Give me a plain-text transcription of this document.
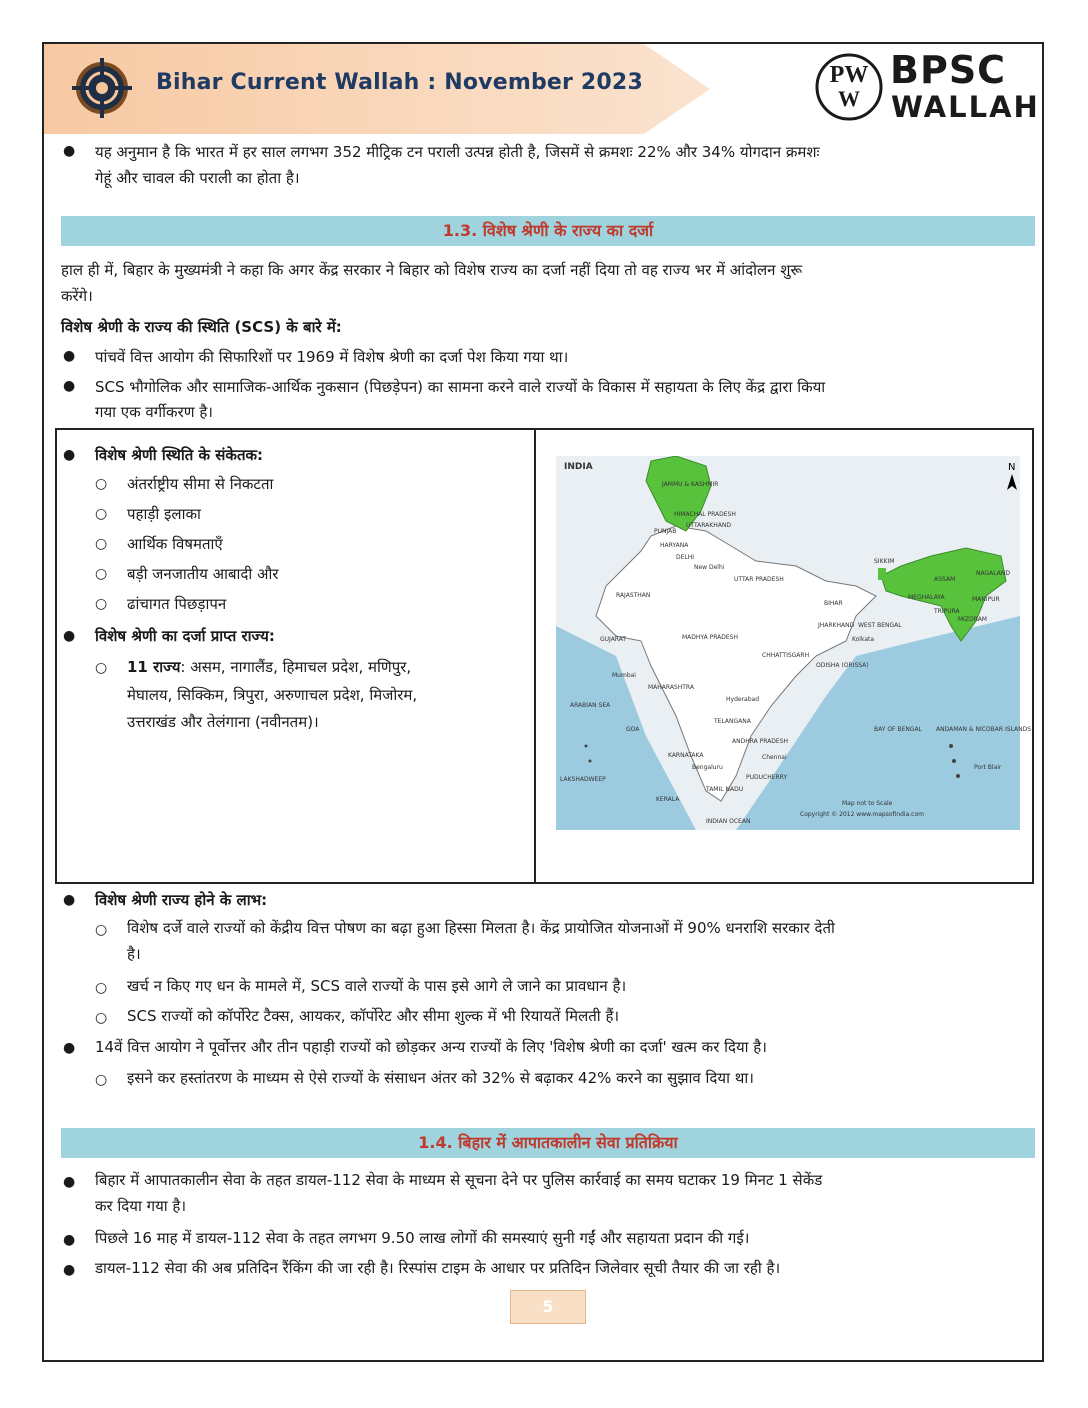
Bihar Current Wallah : November 2023	PW
W
BPSC
WALLAH
● यह अनुमान है कि भारत में हर साल लगभग 352 मीट्रिक टन पराली उत्पन्न होती है, जिसमें से क्रमशः 22% और 34% योगदान क्रमशः
गेहूं और चावल की पराली का होता है।
1.3. विशेष श्रेणी के राज्य का दर्जा
हाल ही में, बिहार के मुख्यमंत्री ने कहा कि अगर केंद्र सरकार ने बिहार को विशेष राज्य का दर्जा नहीं दिया तो वह राज्य भर में आंदोलन शुरू
करेंगे।
विशेष श्रेणी के राज्य की स्थिति (SCS) के बारे में:
● पांचवें वित्त आयोग की सिफारिशों पर 1969 में विशेष श्रेणी का दर्जा पेश किया गया था।
● SCS भौगोलिक और सामाजिक-आर्थिक नुकसान (पिछड़ेपन) का सामना करने वाले राज्यों के विकास में सहायता के लिए केंद्र द्वारा किया
गया एक वर्गीकरण है।
● विशेष श्रेणी स्थिति के संकेतक:
○ अंतर्राष्ट्रीय सीमा से निकटता
○ पहाड़ी इलाका
○ आर्थिक विषमताएँ
○ बड़ी जनजातीय आबादी और
○ ढांचागत पिछड़ापन
● विशेष श्रेणी का दर्जा प्राप्त राज्य:
○ 11 राज्य: असम, नागालैंड, हिमाचल प्रदेश, मणिपुर,
मेघालय, सिक्किम, त्रिपुरा, अरुणाचल प्रदेश, मिजोरम,
उत्तराखंड और तेलंगाना (नवीनतम)।
N
INDIA
JAMMU & KASHMIR
HIMACHAL PRADESH
UTTARAKHAND
PUNJAB
HARYANA
DELHI
New Delhi
RAJASTHAN
UTTAR PRADESH
BIHAR
SIKKIM
ASSAM
NAGALAND
MANIPUR
MIZORAM
TRIPURA
MEGHALAYA
WEST BENGAL
JHARKHAND
GUJARAT	MADHYA PRADESH
CHHATTISGARH
ODISHA (ORISSA)
MAHARASHTRA
TELANGANA
ANDHRA PRADESH
KARNATAKA
GOA
KERALA
TAMIL NADU
PUDUCHERRY
Chennai
Hyderabad
Mumbai
Bengaluru
Kolkata
ARABIAN SEA
BAY OF BENGAL
INDIAN OCEAN
LAKSHADWEEP
ANDAMAN & NICOBAR ISLANDS
Port Blair
Copyright © 2012 www.mapsofindia.com
Map not to Scale
● विशेष श्रेणी राज्य होने के लाभ:
○ विशेष दर्जे वाले राज्यों को केंद्रीय वित्त पोषण का बढ़ा हुआ हिस्सा मिलता है। केंद्र प्रायोजित योजनाओं में 90% धनराशि सरकार देती
है।
○ खर्च न किए गए धन के मामले में, SCS वाले राज्यों के पास इसे आगे ले जाने का प्रावधान है।
○ SCS राज्यों को कॉर्पोरेट टैक्स, आयकर, कॉर्पोरेट और सीमा शुल्क में भी रियायतें मिलती हैं।
● 14वें वित्त आयोग ने पूर्वोत्तर और तीन पहाड़ी राज्यों को छोड़कर अन्य राज्यों के लिए 'विशेष श्रेणी का दर्जा' खत्म कर दिया है।
○ इसने कर हस्तांतरण के माध्यम से ऐसे राज्यों के संसाधन अंतर को 32% से बढ़ाकर 42% करने का सुझाव दिया था।
1.4. बिहार में आपातकालीन सेवा प्रतिक्रिया
● बिहार में आपातकालीन सेवा के तहत डायल-112 सेवा के माध्यम से सूचना देने पर पुलिस कार्रवाई का समय घटाकर 19 मिनट 1 सेकेंड
कर दिया गया है।
● पिछले 16 माह में डायल-112 सेवा के तहत लगभग 9.50 लाख लोगों की समस्याएं सुनी गईं और सहायता प्रदान की गई।
● डायल-112 सेवा की अब प्रतिदिन रैंकिंग की जा रही है। रिस्पांस टाइम के आधार पर प्रतिदिन जिलेवार सूची तैयार की जा रही है।
5
